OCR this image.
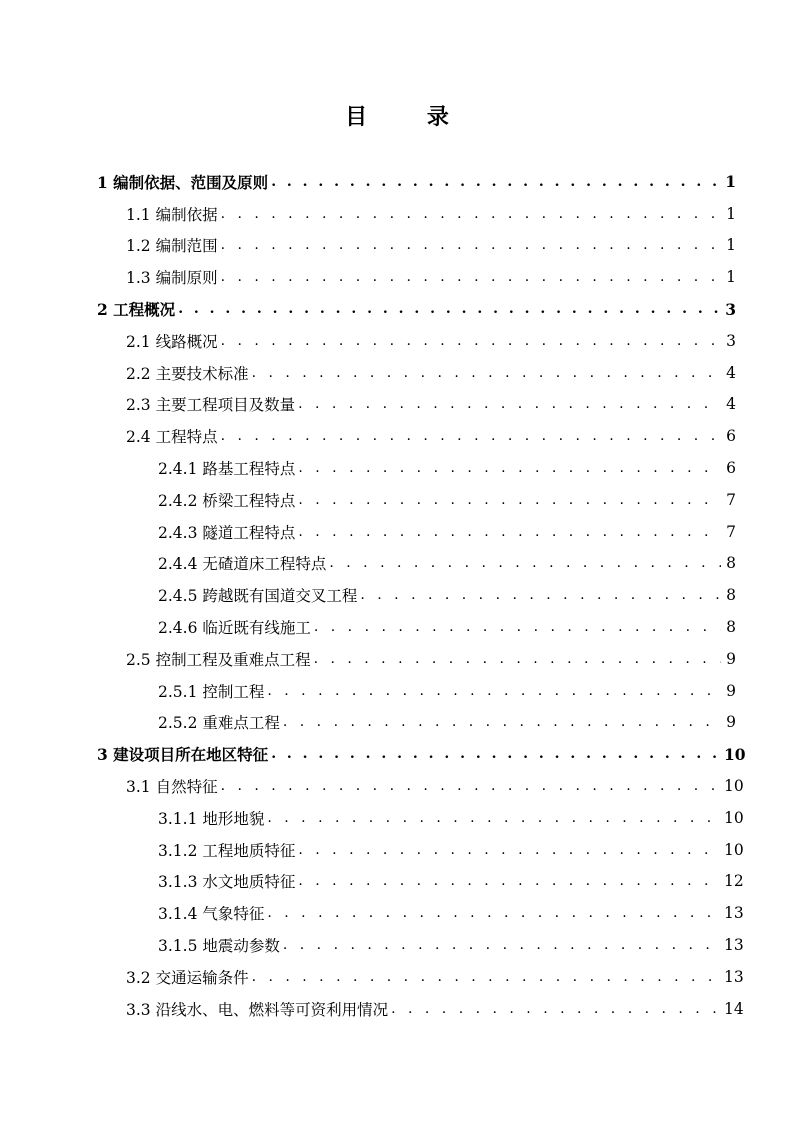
目 录
1 编制依据、范围及原则 . . .	1
1.1 编制依据 . . .	1
1.2 编制范围 . . .	1
1.3 编制原则 . . .	1
2 工程概况 . . .	3
2.1 线路概况 . . .	3
2.2 主要技术标准 . . .	4
2.3 主要工程项目及数量 . . .	4
2.4 工程特点 . . .	6
2.4.1 路基工程特点 . . .	6
2.4.2 桥梁工程特点 . . .	7
2.4.3 隧道工程特点 . . .	7
2.4.4 无碴道床工程特点 . . .	8
2.4.5 跨越既有国道交叉工程 . . .	8
2.4.6 临近既有线施工 . . .	8
2.5 控制工程及重难点工程 . . .	9
2.5.1 控制工程 . . .	9
2.5.2 重难点工程 . . .	9
3 建设项目所在地区特征 . . .	10
3.1 自然特征 . . .	10
3.1.1 地形地貌 . . .	10
3.1.2 工程地质特征 . . .	10
3.1.3 水文地质特征 . . .	12
3.1.4 气象特征 . . .	13
3.1.5 地震动参数 . . .	13
3.2 交通运输条件 . . .	13
3.3 沿线水、电、燃料等可资利用情况 . . .	14
